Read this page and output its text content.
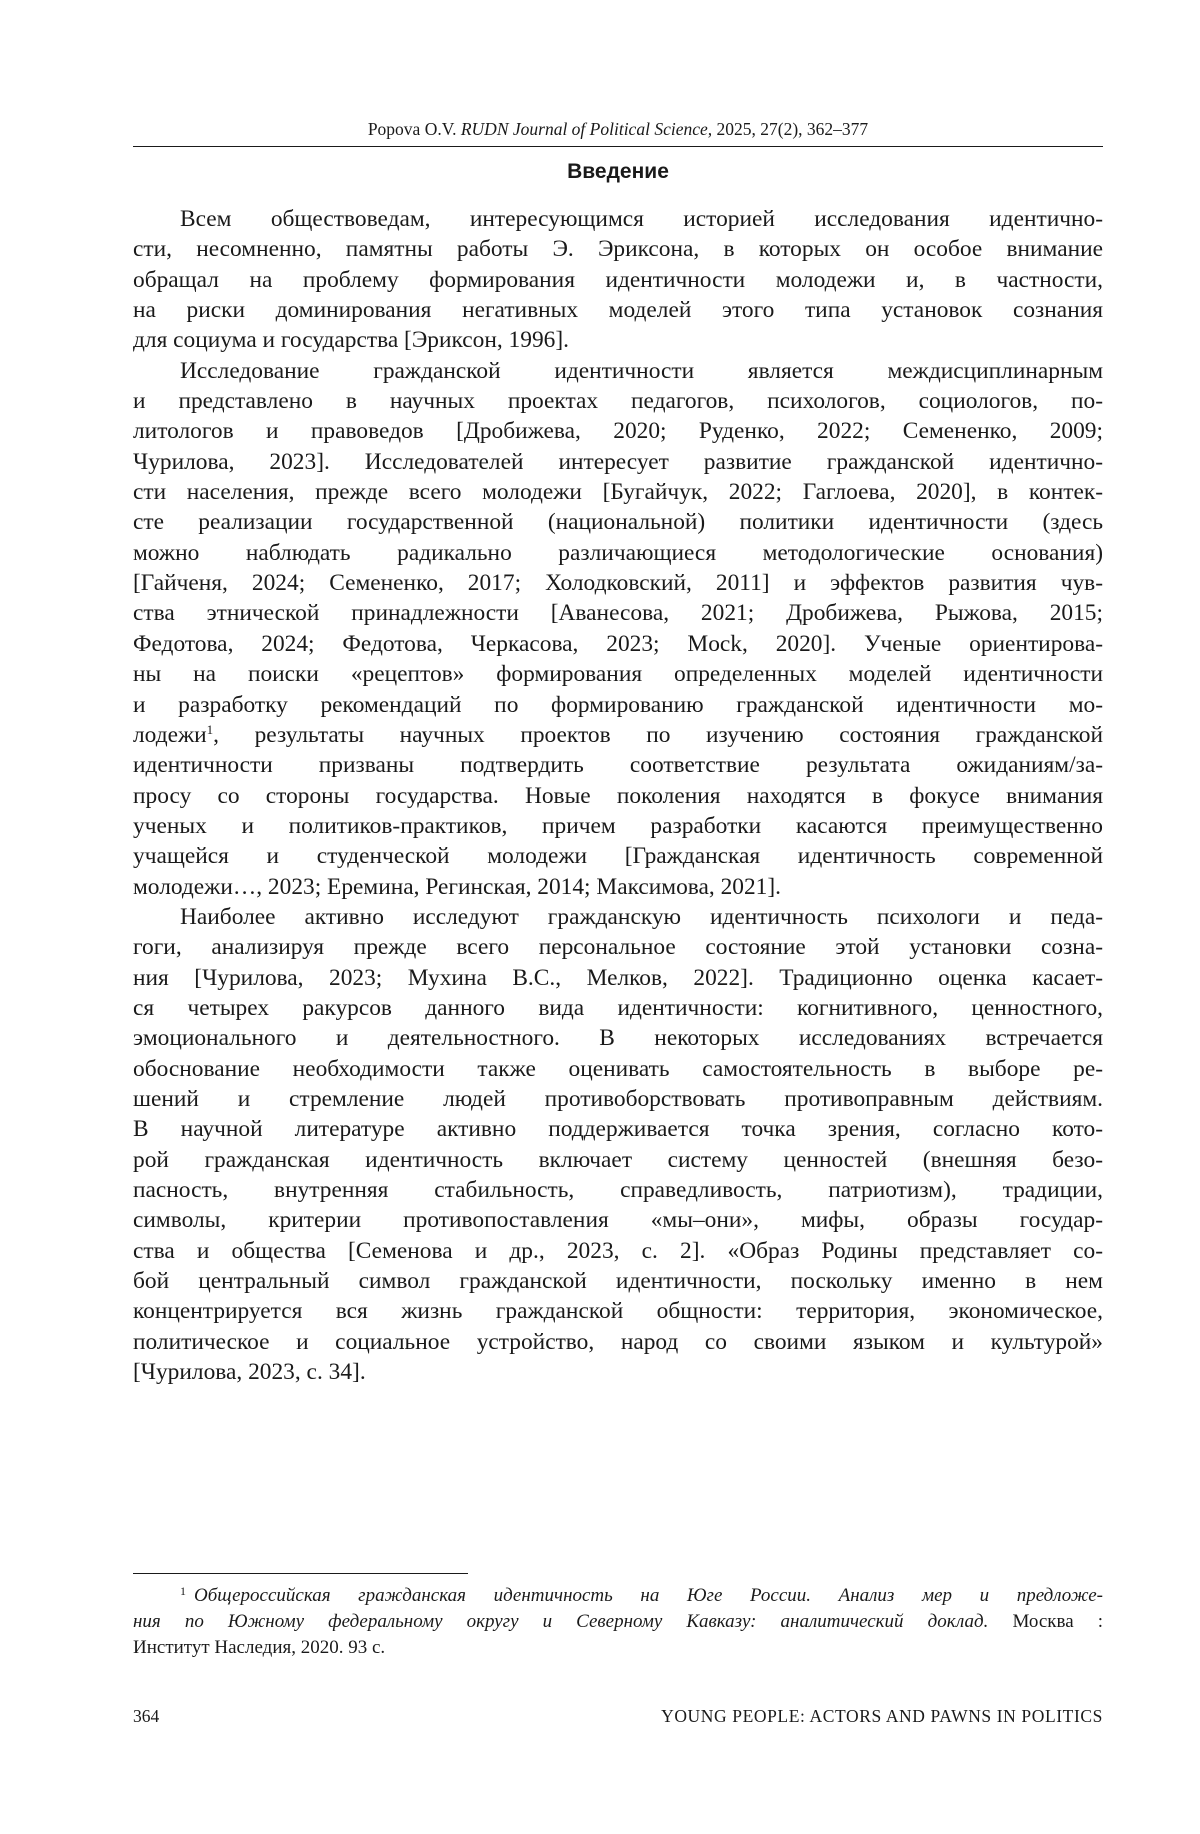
Popova O.V. RUDN Journal of Political Science, 2025, 27(2), 362–377
Введение

Всем обществоведам, интересующимся историей исследования идентично-
сти, несомненно, памятны работы Э. Эриксона, в которых он особое внимание
обращал на проблему формирования идентичности молодежи и, в частности,
на риски доминирования негативных моделей этого типа установок сознания
для социума и государства [Эриксон, 1996].

Исследование гражданской идентичности является междисциплинарным
и представлено в научных проектах педагогов, психологов, социологов, по-
литологов и правоведов [Дробижева, 2020; Руденко, 2022; Семененко, 2009;
Чурилова, 2023]. Исследователей интересует развитие гражданской идентично-
сти населения, прежде всего молодежи [Бугайчук, 2022; Гаглоева, 2020], в контек-
сте реализации государственной (национальной) политики идентичности (здесь
можно наблюдать радикально различающиеся методологические основания)
[Гайченя, 2024; Семененко, 2017; Холодковский, 2011] и эффектов развития чув-
ства этнической принадлежности [Аванесова, 2021; Дробижева, Рыжова, 2015;
Федотова, 2024; Федотова, Черкасова, 2023; Mock, 2020]. Ученые ориентирова-
ны на поиски «рецептов» формирования определенных моделей идентичности
и разработку рекомендаций по формированию гражданской идентичности мо-
лодежи1, результаты научных проектов по изучению состояния гражданской
идентичности призваны подтвердить соответствие результата ожиданиям/за-
просу со стороны государства. Новые поколения находятся в фокусе внимания
ученых и политиков-практиков, причем разработки касаются преимущественно
учащейся и студенческой молодежи [Гражданская идентичность современной
молодежи…, 2023; Еремина, Регинская, 2014; Максимова, 2021].

Наиболее активно исследуют гражданскую идентичность психологи и педа-
гоги, анализируя прежде всего персональное состояние этой установки созна-
ния [Чурилова, 2023; Мухина В.С., Мелков, 2022]. Традиционно оценка касает-
ся четырех ракурсов данного вида идентичности: когнитивного, ценностного,
эмоционального и деятельностного. В некоторых исследованиях встречается
обоснование необходимости также оценивать самостоятельность в выборе ре-
шений и стремление людей противоборствовать противоправным действиям.
В научной литературе активно поддерживается точка зрения, согласно кото-
рой гражданская идентичность включает систему ценностей (внешняя безо-
пасность, внутренняя стабильность, справедливость, патриотизм), традиции,
символы, критерии противопоставления «мы–они», мифы, образы государ-
ства и общества [Семенова и др., 2023, с. 2]. «Образ Родины представляет со-
бой центральный символ гражданской идентичности, поскольку именно в нем
концентрируется вся жизнь гражданской общности: территория, экономическое,
политическое и социальное устройство, народ со своими языком и культурой»
[Чурилова, 2023, с. 34].

1 Общероссийская гражданская идентичность на Юге России. Анализ мер и предложе-
ния по Южному федеральному округу и Северному Кавказу: аналитический доклад. Москва :
Институт Наследия, 2020. 93 с.
364	YOUNG PEOPLE: ACTORS AND PAWNS IN POLITICS
